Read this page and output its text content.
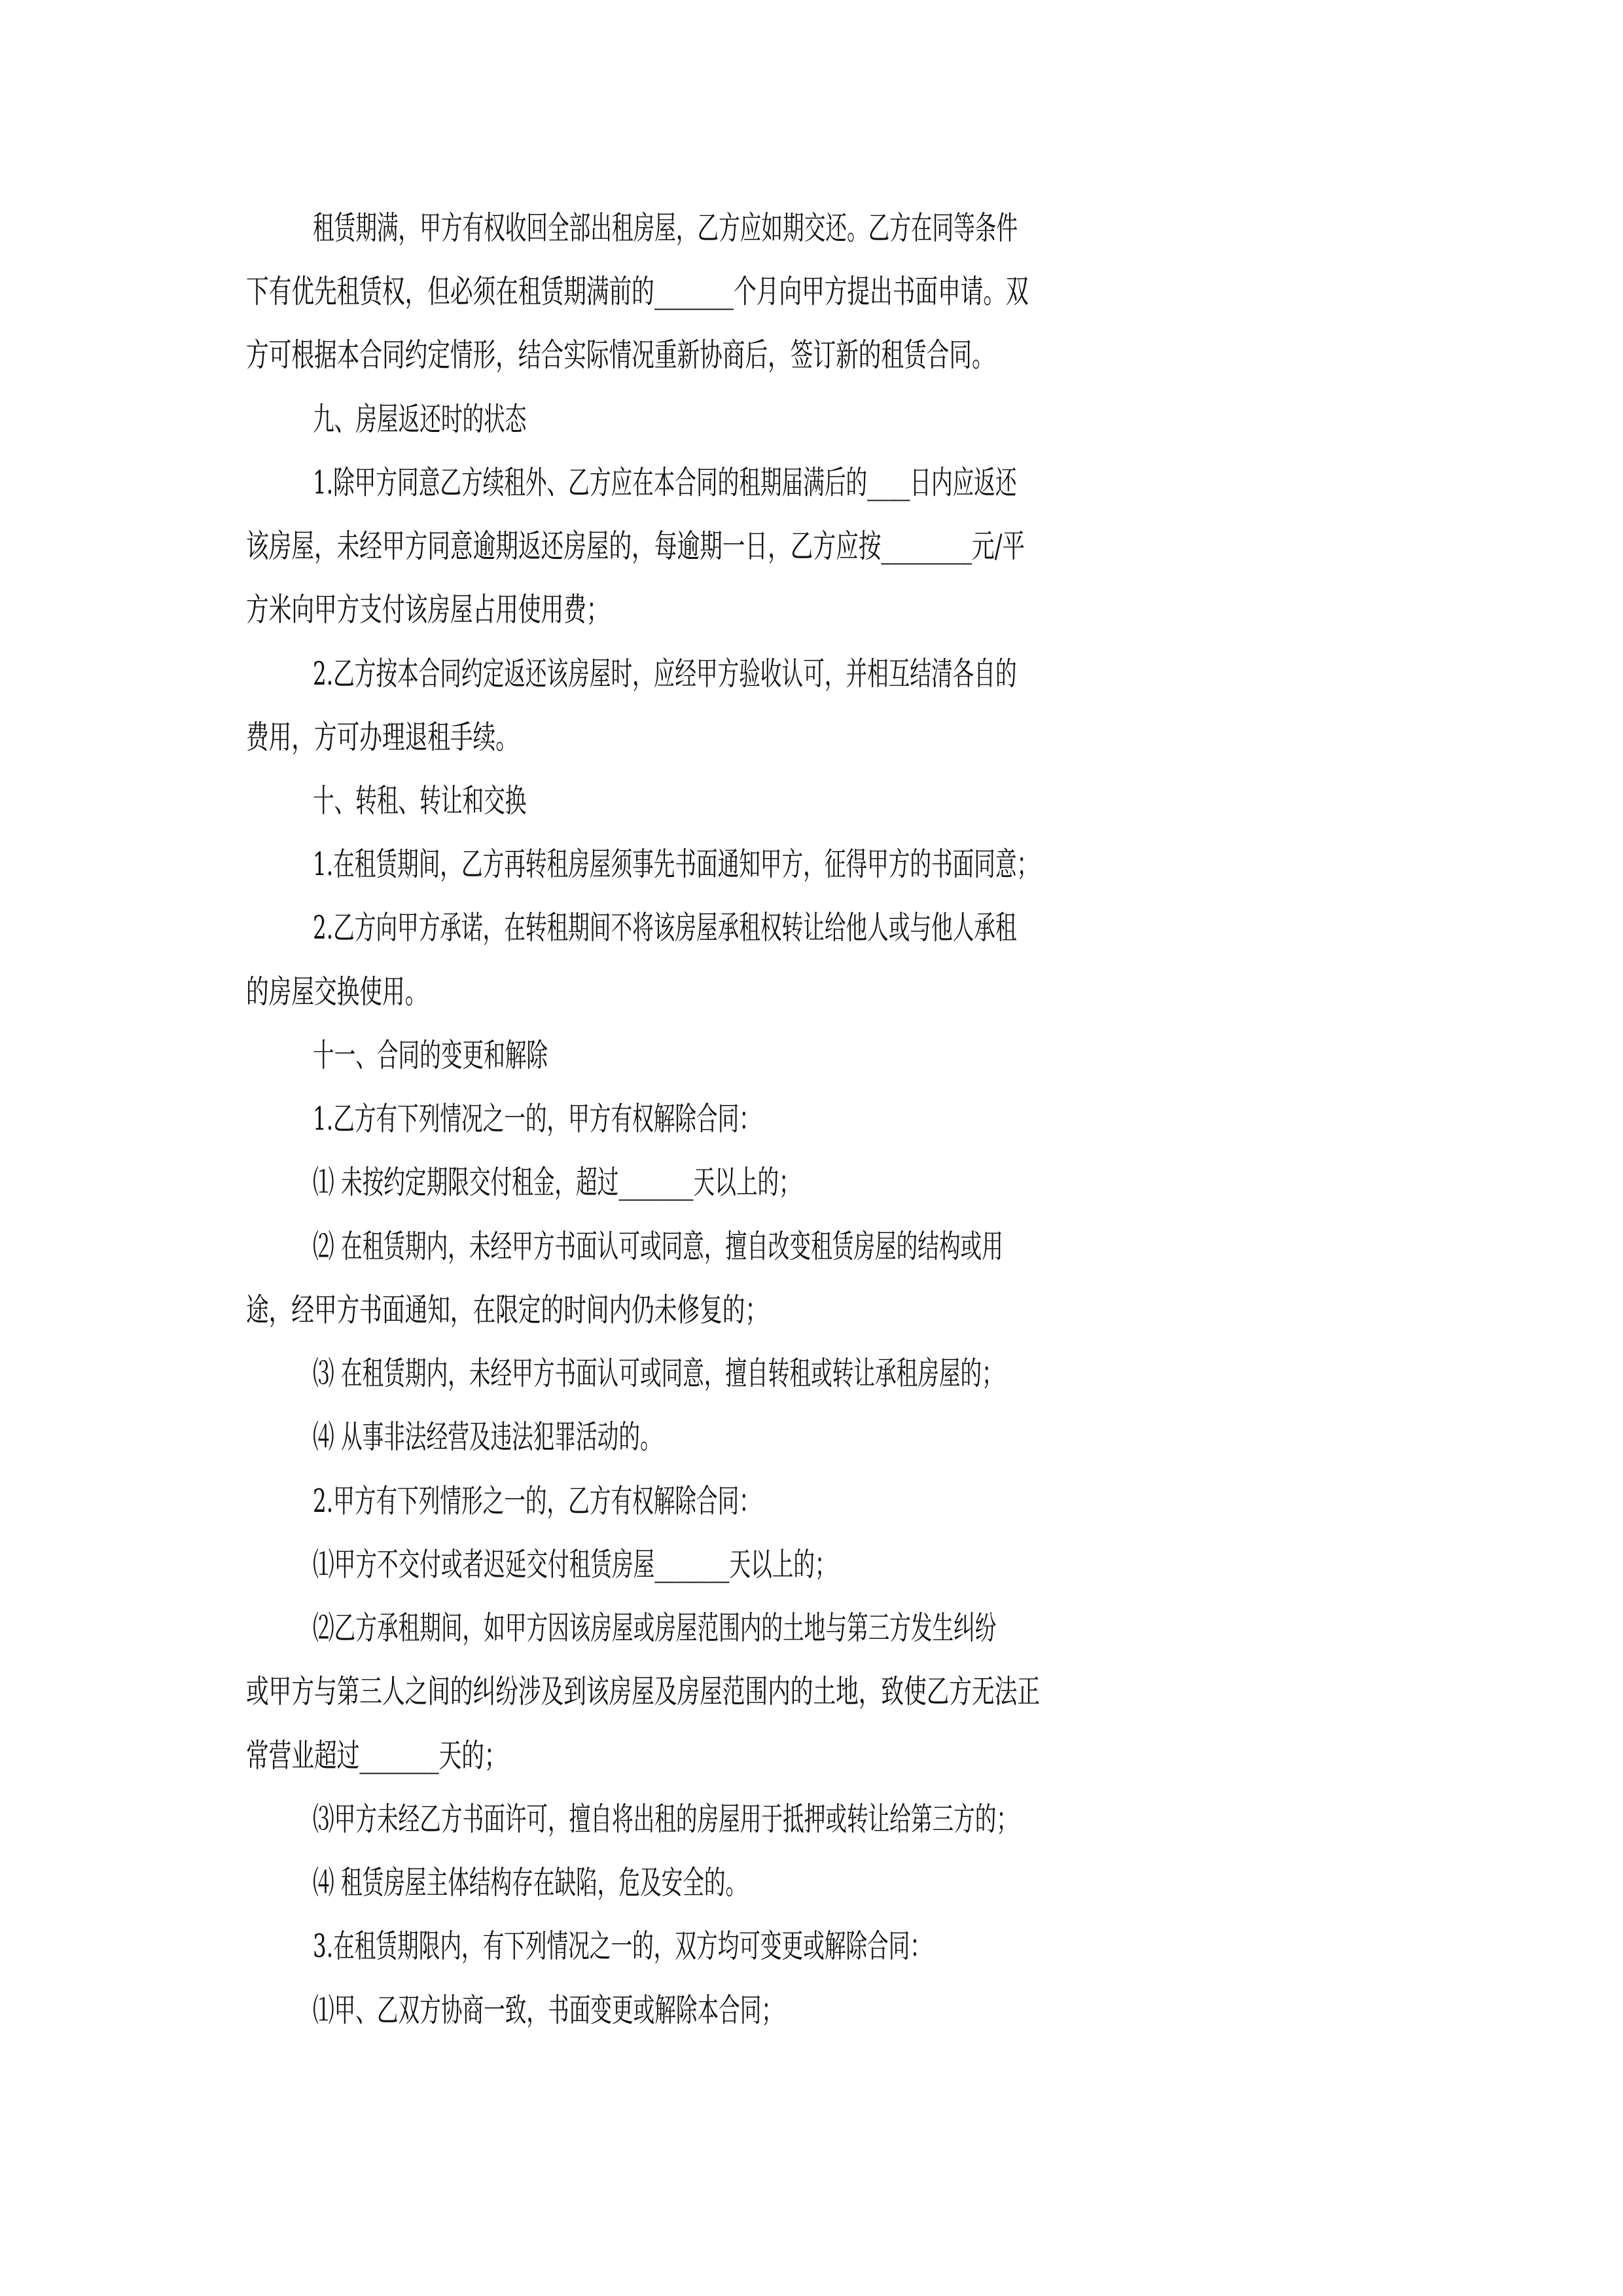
租赁期满，甲方有权收回全部出租房屋，乙方应如期交还。乙方在同等条件

下有优先租赁权，但必须在租赁期满前的_______个月向甲方提出书面申请。双

方可根据本合同约定情形，结合实际情况重新协商后，签订新的租赁合同。

九、房屋返还时的状态

1.除甲方同意乙方续租外、乙方应在本合同的租期届满后的____日内应返还

该房屋，未经甲方同意逾期返还房屋的，每逾期一日，乙方应按________元/平

方米向甲方支付该房屋占用使用费；

2.乙方按本合同约定返还该房屋时，应经甲方验收认可，并相互结清各自的

费用，方可办理退租手续。

十、转租、转让和交换

1.在租赁期间，乙方再转租房屋须事先书面通知甲方，征得甲方的书面同意；

2.乙方向甲方承诺，在转租期间不将该房屋承租权转让给他人或与他人承租

的房屋交换使用。

十一、合同的变更和解除

1.乙方有下列情况之一的，甲方有权解除合同：

⑴ 未按约定期限交付租金，超过_______天以上的；

⑵ 在租赁期内，未经甲方书面认可或同意，擅自改变租赁房屋的结构或用

途，经甲方书面通知，在限定的时间内仍未修复的；

⑶ 在租赁期内，未经甲方书面认可或同意，擅自转租或转让承租房屋的；

⑷ 从事非法经营及违法犯罪活动的。

2.甲方有下列情形之一的，乙方有权解除合同：

⑴甲方不交付或者迟延交付租赁房屋_______天以上的；

⑵乙方承租期间，如甲方因该房屋或房屋范围内的土地与第三方发生纠纷

或甲方与第三人之间的纠纷涉及到该房屋及房屋范围内的土地，致使乙方无法正

常营业超过_______天的；

⑶甲方未经乙方书面许可，擅自将出租的房屋用于抵押或转让给第三方的；

⑷ 租赁房屋主体结构存在缺陷，危及安全的。

3.在租赁期限内，有下列情况之一的，双方均可变更或解除合同：

⑴甲、乙双方协商一致，书面变更或解除本合同；
